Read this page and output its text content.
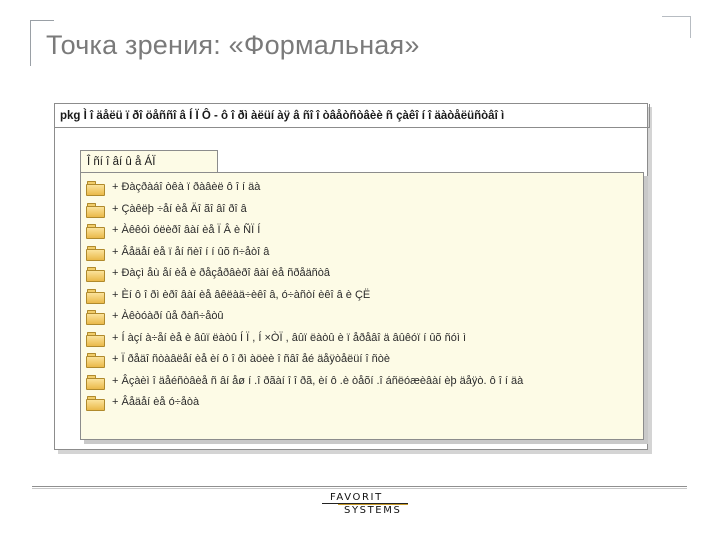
Точка зрения: «Формальная»
pkg Ì î äåëü ï ðî öåññî â Í Ï Ô - ô î ðì àëüí àÿ â ñî î òâåòñòâèè ñ çàêî í î äàòåëüñòâî ì
Î ñí î âí û å ÁÏ
+ Ðàçðàáî òêà ï ðàâèë ô î í äà
+ Çàêëþ ÷åí èå Äî ãî âî ðî â
+ Àêêóì óëèðî âàí èå Ï Â è ÑÏ Í
+ Âåäåí èå ï åí ñèî í í ûõ ñ÷åòî â
+ Ðàçì åù åí èå è ðåçåðâèðî âàí èå ñðåäñòâ
+ Èí ô î ðì èðî âàí èå âêëàä÷èêî â, ó÷àñòí èêî â è ÇË
+ Àêòóàðí ûå ðàñ÷åòû
+ Í àçí à÷åí èå è âûï ëàòû Í Ï , Í ×ÒÏ , âûï ëàòû è ï åðåâî ä âûêóï í ûõ ñóì ì
+ Ï ðåäî ñòàâëåí èå èí ô î ðì àöèè î ñâî åé äåÿòåëüí î ñòè
+ Âçàèì î äåéñòâèå ñ âí åø í .î ðãàí î î ðã, èí ô .è òåõí .î áñëóæèâàí èþ äåÿò. ô î í äà
+ Âåäåí èå ó÷åòà
FAVORIT
SYSTEMS
